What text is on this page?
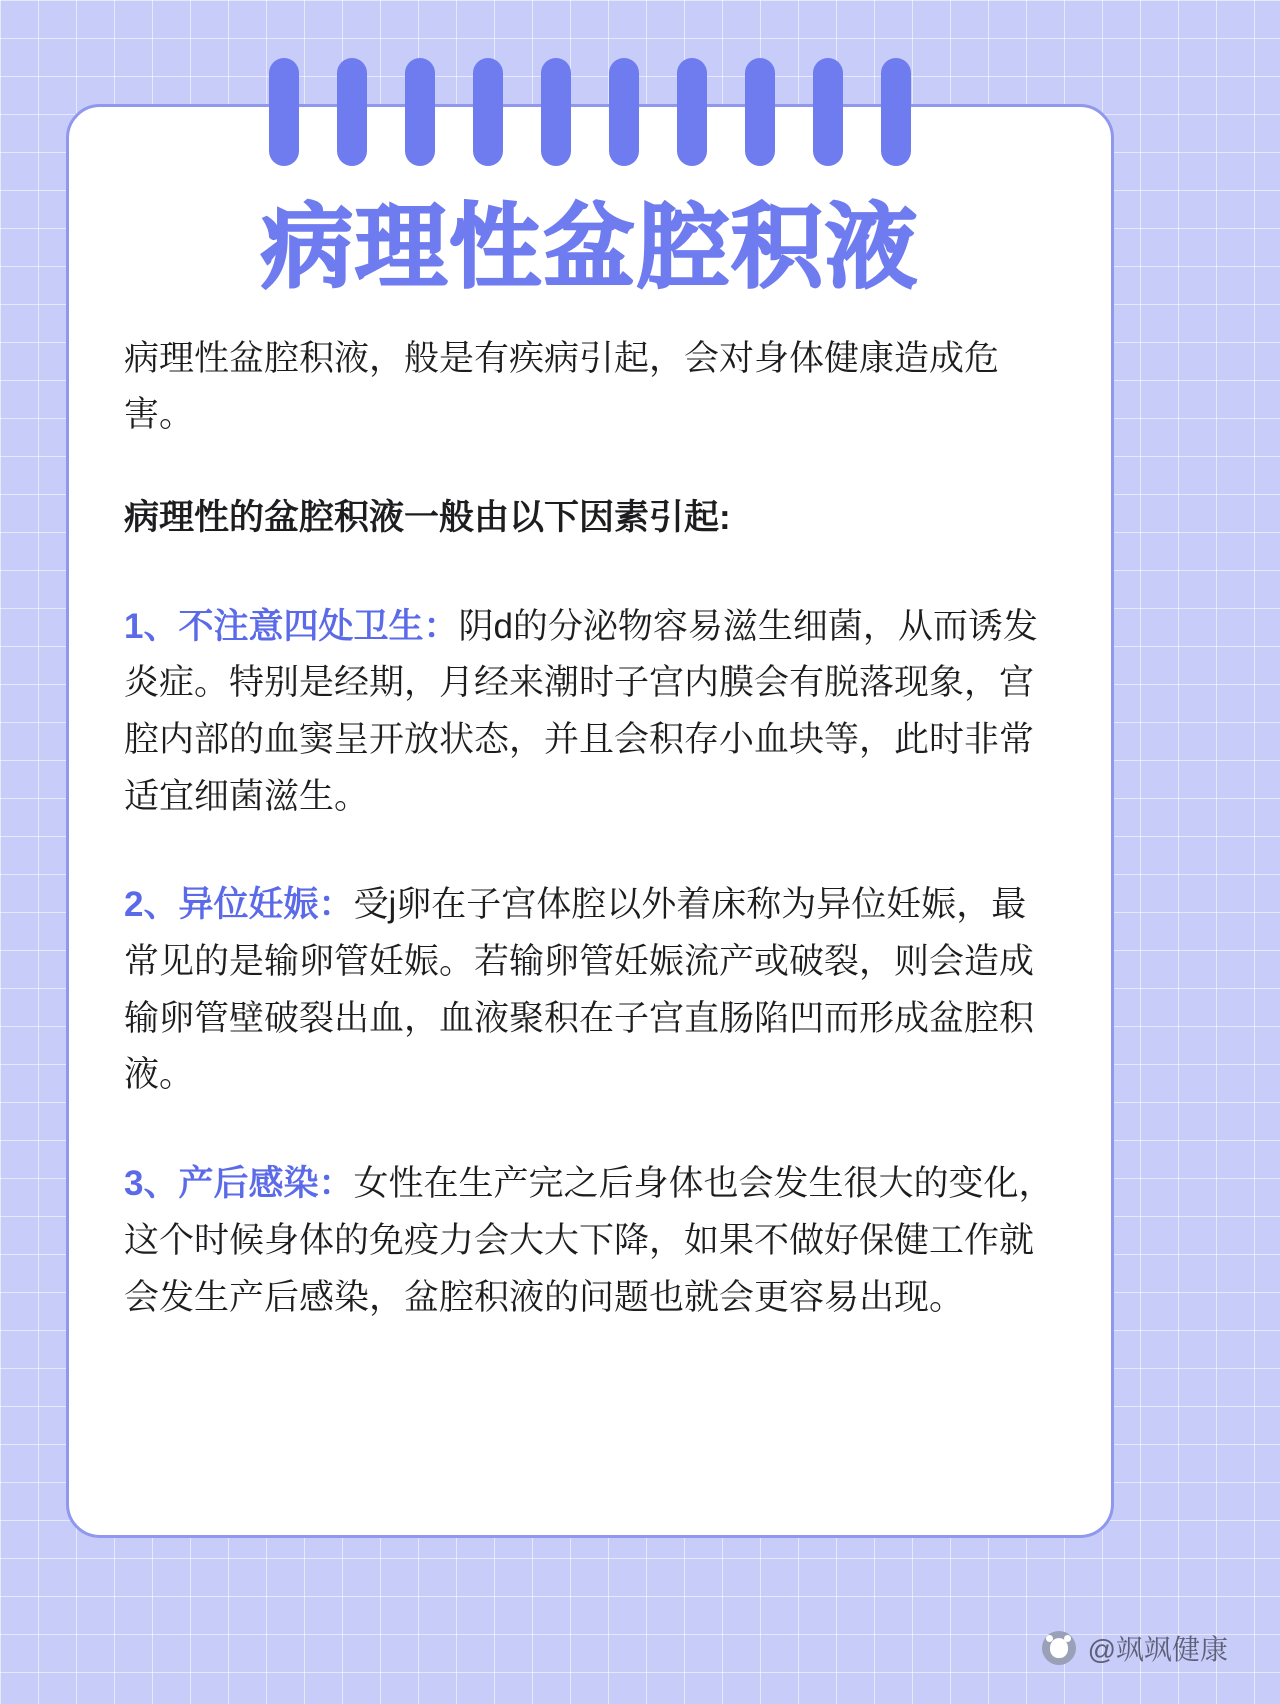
病理性盆腔积液

病理性盆腔积液，般是有疾病引起，会对身体健康造成危害。

病理性的盆腔积液一般由以下因素引起:

1、不注意四处卫生：阴d的分泌物容易滋生细菌，从而诱发炎症。特别是经期，月经来潮时子宫内膜会有脱落现象，宫腔内部的血窦呈开放状态，并且会积存小血块等，此时非常适宜细菌滋生。

2、异位妊娠：受j卵在子宫体腔以外着床称为异位妊娠，最常见的是输卵管妊娠。若输卵管妊娠流产或破裂，则会造成输卵管壁破裂出血，血液聚积在子宫直肠陷凹而形成盆腔积液。

3、产后感染：女性在生产完之后身体也会发生很大的变化，这个时候身体的免疫力会大大下降，如果不做好保健工作就会发生产后感染，盆腔积液的问题也就会更容易出现。

@飒飒健康
